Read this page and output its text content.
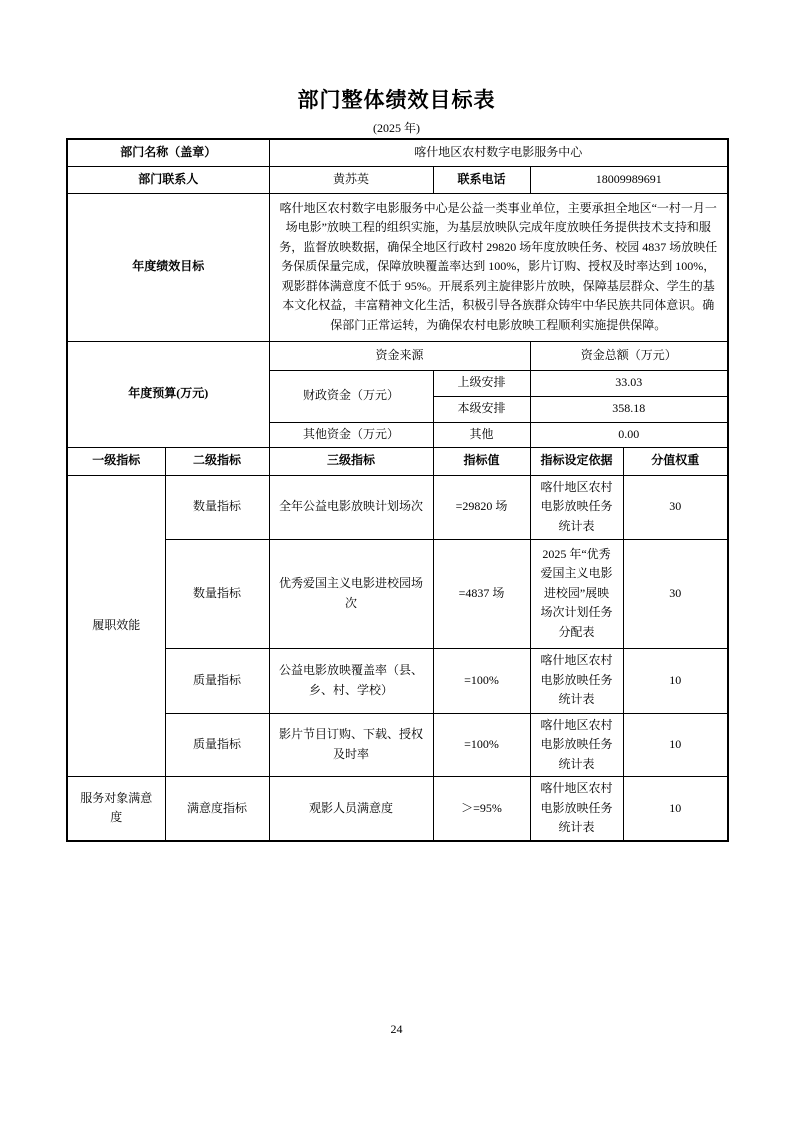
部门整体绩效目标表
(2025 年)
部门名称（盖章）		喀什地区农村数字电影服务中心			
部门联系人		黄苏英	联系电话	18009989691	
年度绩效目标		喀什地区农村数字电影服务中心是公益一类事业单位，主要承担全地区“一村一月一场电影”放映工程的组织实施，为基层放映队完成年度放映任务提供技术支持和服务，监督放映数据，确保全地区行政村 29820 场年度放映任务、校园 4837 场放映任务保质保量完成，保障放映覆盖率达到 100%，影片订购、授权及时率达到 100%，观影群体满意度不低于 95%。开展系列主旋律影片放映，保障基层群众、学生的基本文化权益，丰富精神文化生活，积极引导各族群众铸牢中华民族共同体意识。确保部门正常运转，为确保农村电影放映工程顺利实施提供保障。			
年度预算(万元)		资金来源		资金总额（万元）	
		财政资金（万元）	上级安排	33.03	
			本级安排	358.18	
		其他资金（万元）	其他	0.00	
一级指标	二级指标	三级指标	指标值	指标设定依据	分值权重
履职效能	数量指标	全年公益电影放映计划场次	=29820 场	喀什地区农村电影放映任务统计表	30
	数量指标	优秀爱国主义电影进校园场次	=4837 场	2025 年“优秀爱国主义电影进校园”展映场次计划任务分配表	30
	质量指标	公益电影放映覆盖率（县、乡、村、学校）	=100%	喀什地区农村电影放映任务统计表	10
	质量指标	影片节目订购、下载、授权及时率	=100%	喀什地区农村电影放映任务统计表	10
服务对象满意度	满意度指标	观影人员满意度	＞=95%	喀什地区农村电影放映任务统计表	10
24
